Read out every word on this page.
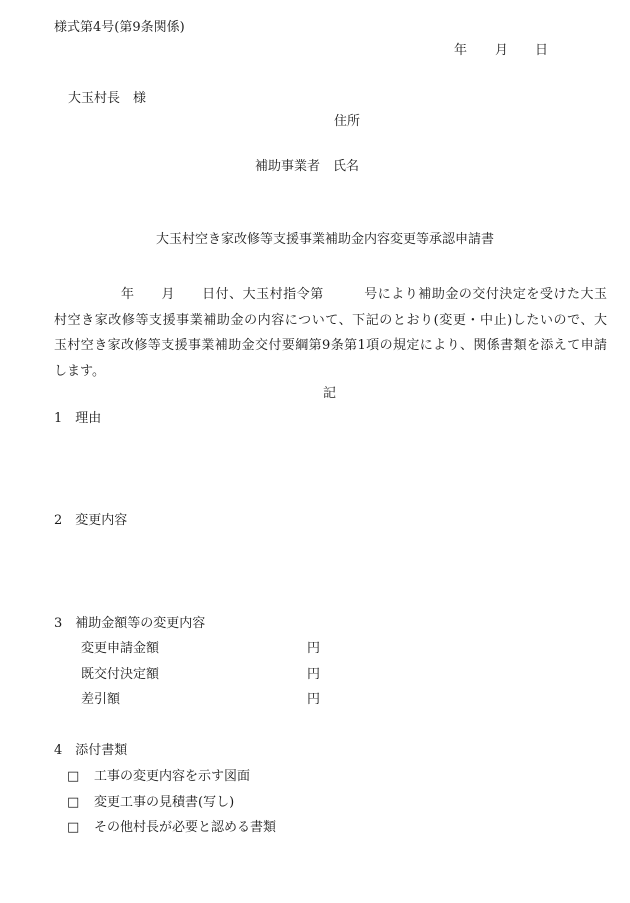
様式第4号(第9条関係)
年 月 日
大玉村長　様
住所
補助事業者　氏名
大玉村空き家改修等支援事業補助金内容変更等承認申請書

年　　月　　日付、大玉村指令第　　　号により補助金の交付決定を受けた大玉

村空き家改修等支援事業補助金の内容について、下記のとおり(変更・中止)したいので、大

玉村空き家改修等支援事業補助金交付要綱第9条第1項の規定により、関係書類を添えて申請

します。

記
1　理由
2　変更内容
3　補助金額等の変更内容
変更申請金額	円
既交付決定額	円
差引額	円
4　添付書類
□ 工事の変更内容を示す図面
□ 変更工事の見積書(写し)
□ その他村長が必要と認める書類
